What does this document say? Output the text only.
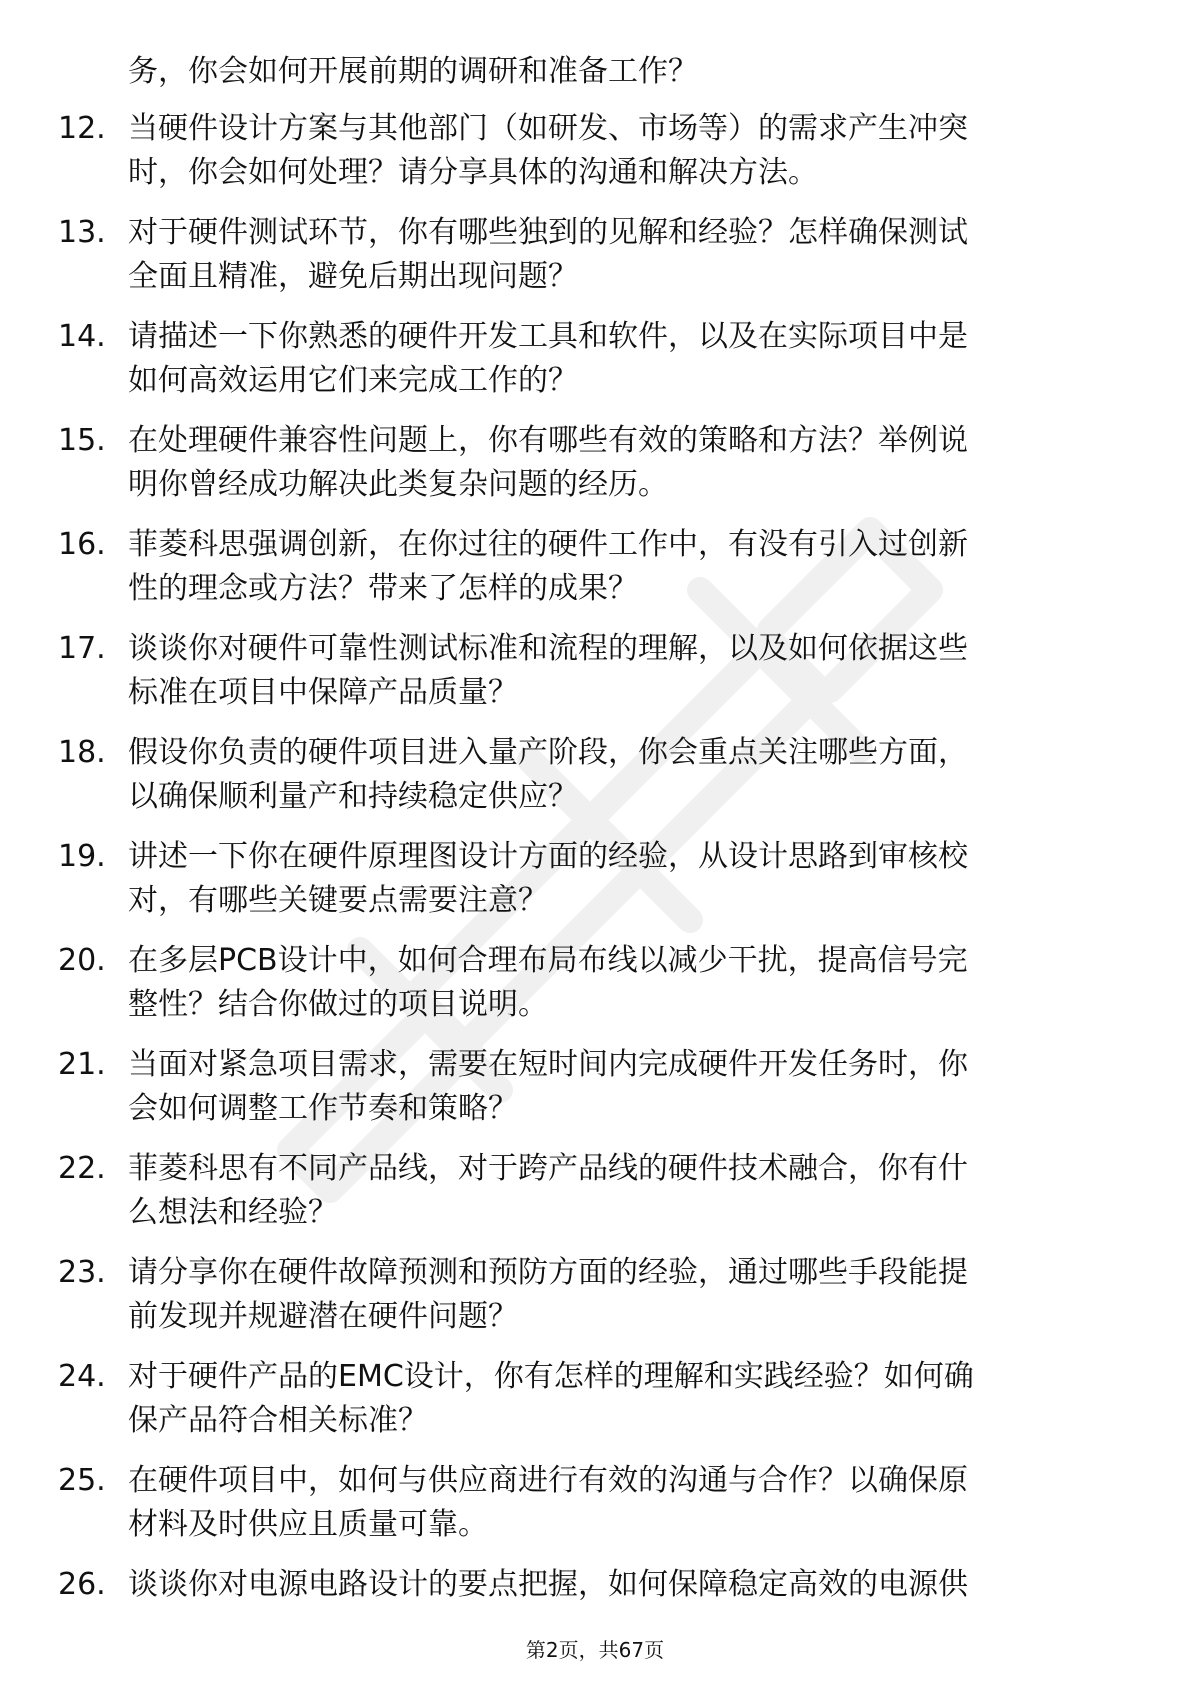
务，你会如何开展前期的调研和准备工作？
12. 当硬件设计方案与其他部门（如研发、市场等）的需求产生冲突
时，你会如何处理？请分享具体的沟通和解决方法。
13. 对于硬件测试环节，你有哪些独到的见解和经验？怎样确保测试
全面且精准，避免后期出现问题？
14. 请描述一下你熟悉的硬件开发工具和软件，以及在实际项目中是
如何高效运用它们来完成工作的？
15. 在处理硬件兼容性问题上，你有哪些有效的策略和方法？举例说
明你曾经成功解决此类复杂问题的经历。
16. 菲菱科思强调创新，在你过往的硬件工作中，有没有引入过创新
性的理念或方法？带来了怎样的成果？
17. 谈谈你对硬件可靠性测试标准和流程的理解，以及如何依据这些
标准在项目中保障产品质量？
18. 假设你负责的硬件项目进入量产阶段，你会重点关注哪些方面，
以确保顺利量产和持续稳定供应？
19. 讲述一下你在硬件原理图设计方面的经验，从设计思路到审核校
对，有哪些关键要点需要注意？
20. 在多层PCB设计中，如何合理布局布线以减少干扰，提高信号完
整性？结合你做过的项目说明。
21. 当面对紧急项目需求，需要在短时间内完成硬件开发任务时，你
会如何调整工作节奏和策略？
22. 菲菱科思有不同产品线，对于跨产品线的硬件技术融合，你有什
么想法和经验？
23. 请分享你在硬件故障预测和预防方面的经验，通过哪些手段能提
前发现并规避潜在硬件问题？
24. 对于硬件产品的EMC设计，你有怎样的理解和实践经验？如何确
保产品符合相关标准？
25. 在硬件项目中，如何与供应商进行有效的沟通与合作？以确保原
材料及时供应且质量可靠。
26. 谈谈你对电源电路设计的要点把握，如何保障稳定高效的电源供
第2页，共67页
